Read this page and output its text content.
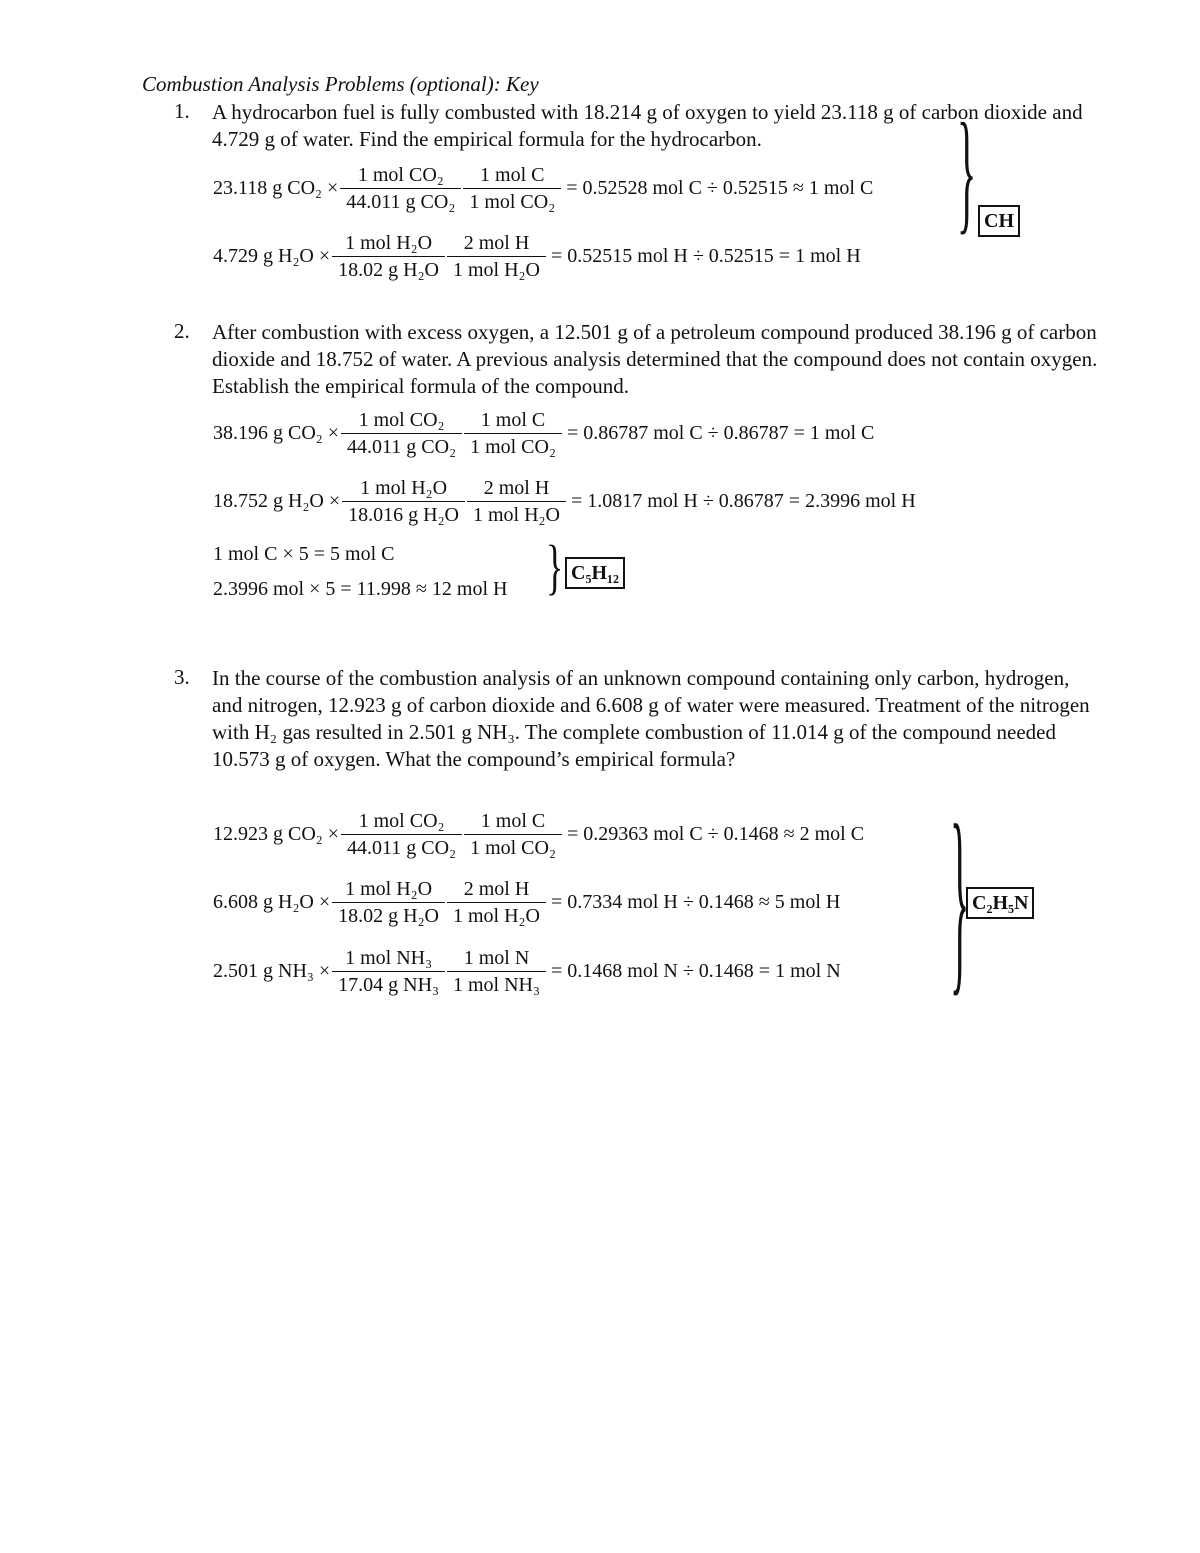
Combustion Analysis Problems (optional): Key
1. A hydrocarbon fuel is fully combusted with 18.214 g of oxygen to yield 23.118 g of carbon dioxide and 4.729 g of water. Find the empirical formula for the hydrocarbon.
23.118 g $CO_2 \times \frac{\text{1 mol CO₂}}{\text{44.011 g CO₂}} \frac{\text{1 mol C}}{\text{1 mol CO₂}} = 0.52528$ mol C ÷ 0.52515 ≈ 1 mol C
4.729 g $H_2O \times \frac{\text{1 mol H₂O}}{\text{18.02 g H₂O}} \frac{\text{2 mol H}}{\text{1 mol H₂O}} = 0.52515$ mol H ÷ 0.52515 = 1 mol H
} CH
2. After combustion with excess oxygen, a 12.501 g of a petroleum compound produced 38.196 g of carbon dioxide and 18.752 of water. A previous analysis determined that the compound does not contain oxygen. Establish the empirical formula of the compound.
38.196 g $CO_2 \times \frac{\text{1 mol CO₂}}{\text{44.011 g CO₂}} \frac{\text{1 mol C}}{\text{1 mol CO₂}} = 0.86787$ mol C ÷ 0.86787 = 1 mol C
18.752 g $H_2O \times \frac{\text{1 mol H₂O}}{\text{18.016 g H₂O}} \frac{\text{2 mol H}}{\text{1 mol H₂O}} = 1.0817$ mol H ÷ 0.86787 = 2.3996 mol H
1 mol C × 5 = 5 mol C
2.3996 mol × 5 = 11.998 ≈ 12 mol H } C₅H₁₂
3. In the course of the combustion analysis of an unknown compound containing only carbon, hydrogen, and nitrogen, 12.923 g of carbon dioxide and 6.608 g of water were measured. Treatment of the nitrogen with H₂ gas resulted in 2.501 g NH₃. The complete combustion of 11.014 g of the compound needed 10.573 g of oxygen. What the compound’s empirical formula?
12.923 g $CO_2 \times \frac{\text{1 mol CO₂}}{\text{44.011 g CO₂}} \frac{\text{1 mol C}}{\text{1 mol CO₂}} = 0.29363$ mol C ÷ 0.1468 ≈ 2 mol C
6.608 g $H_2O \times \frac{\text{1 mol H₂O}}{\text{18.02 g H₂O}} \frac{\text{2 mol H}}{\text{1 mol H₂O}} = 0.7334$ mol H ÷ 0.1468 ≈ 5 mol H
2.501 g $NH_3 \times \frac{\text{1 mol NH₃}}{\text{17.04 g NH₃}} \frac{\text{1 mol N}}{\text{1 mol NH₃}} = 0.1468$ mol N ÷ 0.1468 = 1 mol N	} C₂H₅N
